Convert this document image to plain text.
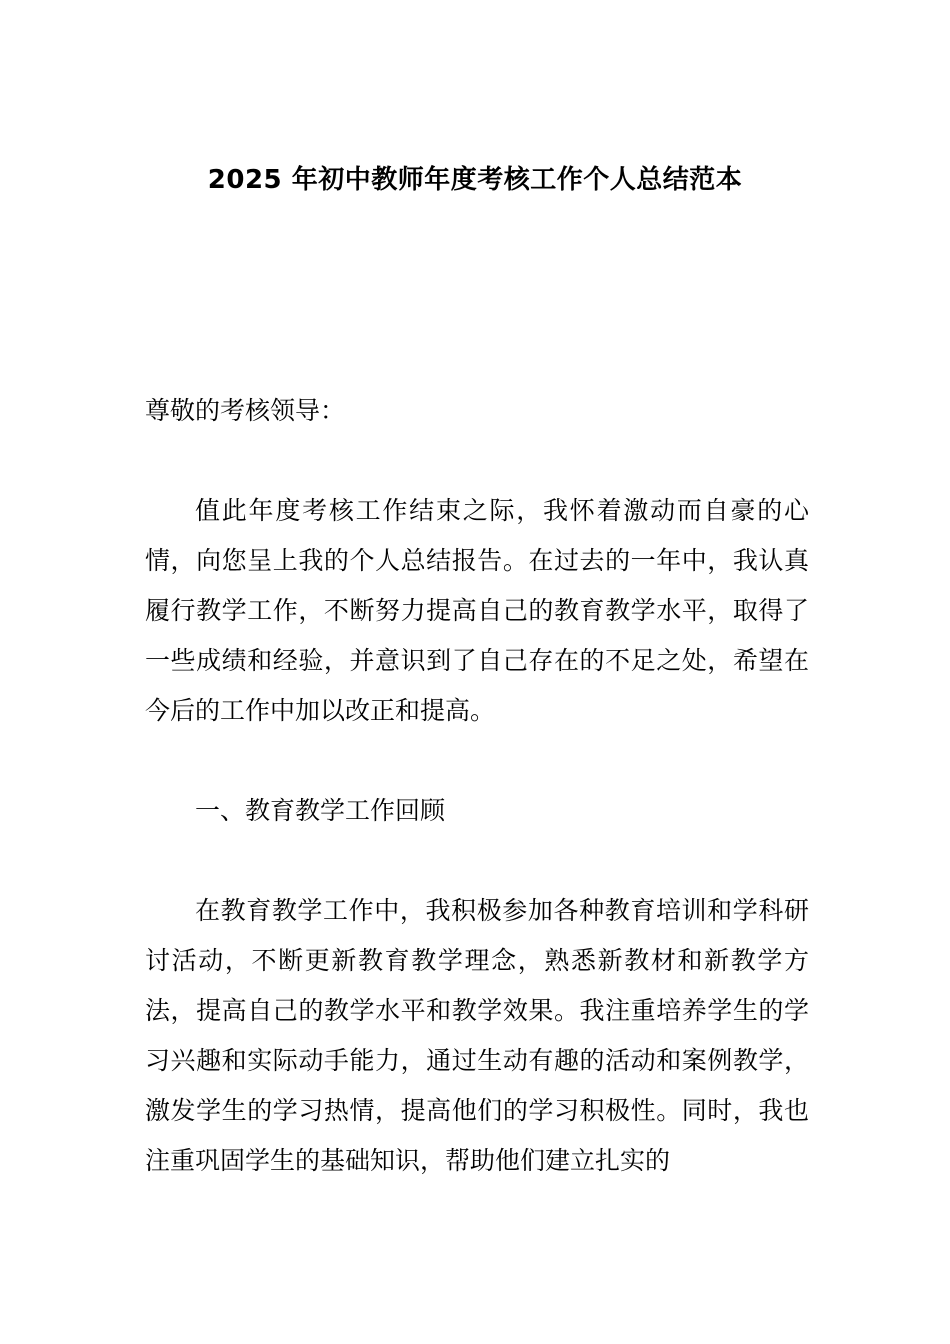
2025 年初中教师年度考核工作个人总结范本

尊敬的考核领导：

值此年度考核工作结束之际，我怀着激动而自豪的心情，向您呈上我的个人总结报告。在过去的一年中，我认真履行教学工作，不断努力提高自己的教育教学水平，取得了一些成绩和经验，并意识到了自己存在的不足之处，希望在今后的工作中加以改正和提高。

一、教育教学工作回顾

在教育教学工作中，我积极参加各种教育培训和学科研讨活动，不断更新教育教学理念，熟悉新教材和新教学方法，提高自己的教学水平和教学效果。我注重培养学生的学习兴趣和实际动手能力，通过生动有趣的活动和案例教学，激发学生的学习热情，提高他们的学习积极性。同时，我也注重巩固学生的基础知识，帮助他们建立扎实的
